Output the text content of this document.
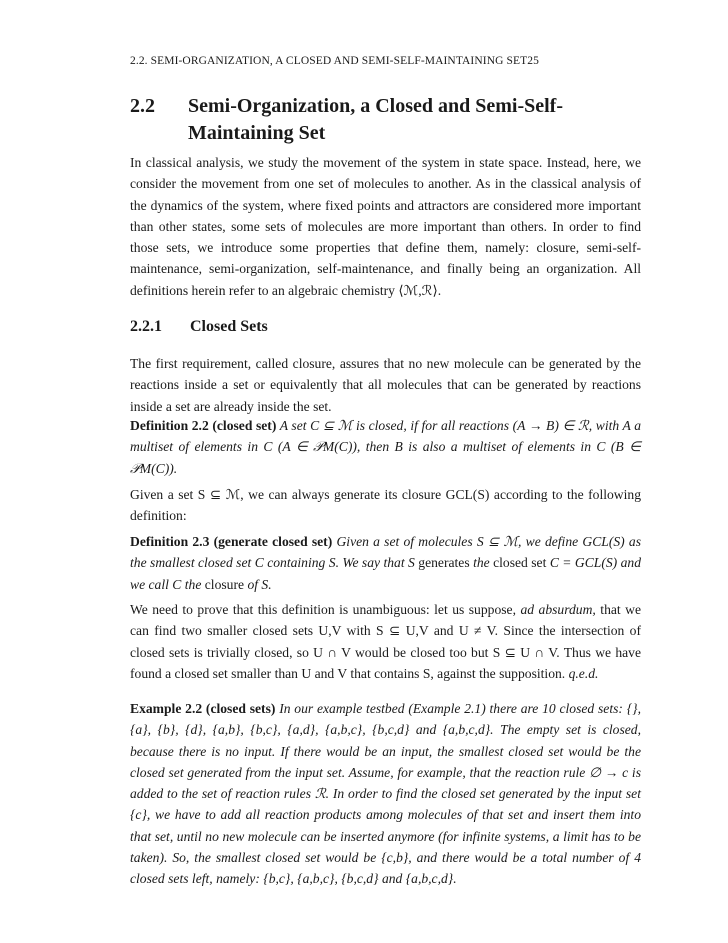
2.2. SEMI-ORGANIZATION, A CLOSED AND SEMI-SELF-MAINTAINING SET25
2.2 Semi-Organization, a Closed and Semi-Self-Maintaining Set
In classical analysis, we study the movement of the system in state space. Instead, here, we consider the movement from one set of molecules to another. As in the classical analysis of the dynamics of the system, where fixed points and attractors are considered more important than other states, some sets of molecules are more important than others. In order to find those sets, we introduce some properties that define them, namely: closure, semi-self-maintenance, semi-organization, self-maintenance, and finally being an organization. All definitions herein refer to an algebraic chemistry ⟨ℳ,ℛ⟩.
2.2.1 Closed Sets
The first requirement, called closure, assures that no new molecule can be generated by the reactions inside a set or equivalently that all molecules that can be generated by reactions inside a set are already inside the set.
Definition 2.2 (closed set) A set C ⊆ ℳ is closed, if for all reactions (A → B) ∈ ℛ, with A a multiset of elements in C (A ∈ 𝒫M(C)), then B is also a multiset of elements in C (B ∈ 𝒫M(C)).
Given a set S ⊆ ℳ, we can always generate its closure GCL(S) according to the following definition:
Definition 2.3 (generate closed set) Given a set of molecules S ⊆ ℳ, we define GCL(S) as the smallest closed set C containing S. We say that S generates the closed set C = GCL(S) and we call C the closure of S.
We need to prove that this definition is unambiguous: let us suppose, ad absurdum, that we can find two smaller closed sets U,V with S ⊆ U,V and U ≠ V. Since the intersection of closed sets is trivially closed, so U ∩ V would be closed too but S ⊆ U ∩ V. Thus we have found a closed set smaller than U and V that contains S, against the supposition. q.e.d.
Example 2.2 (closed sets) In our example testbed (Example 2.1) there are 10 closed sets: {}, {a}, {b}, {d}, {a,b}, {b,c}, {a,d}, {a,b,c}, {b,c,d} and {a,b,c,d}. The empty set is closed, because there is no input. If there would be an input, the smallest closed set would be the closed set generated from the input set. Assume, for example, that the reaction rule ∅ → c is added to the set of reaction rules ℛ. In order to find the closed set generated by the input set {c}, we have to add all reaction products among molecules of that set and insert them into that set, until no new molecule can be inserted anymore (for infinite systems, a limit has to be taken). So, the smallest closed set would be {c,b}, and there would be a total number of 4 closed sets left, namely: {b,c}, {a,b,c}, {b,c,d} and {a,b,c,d}.
